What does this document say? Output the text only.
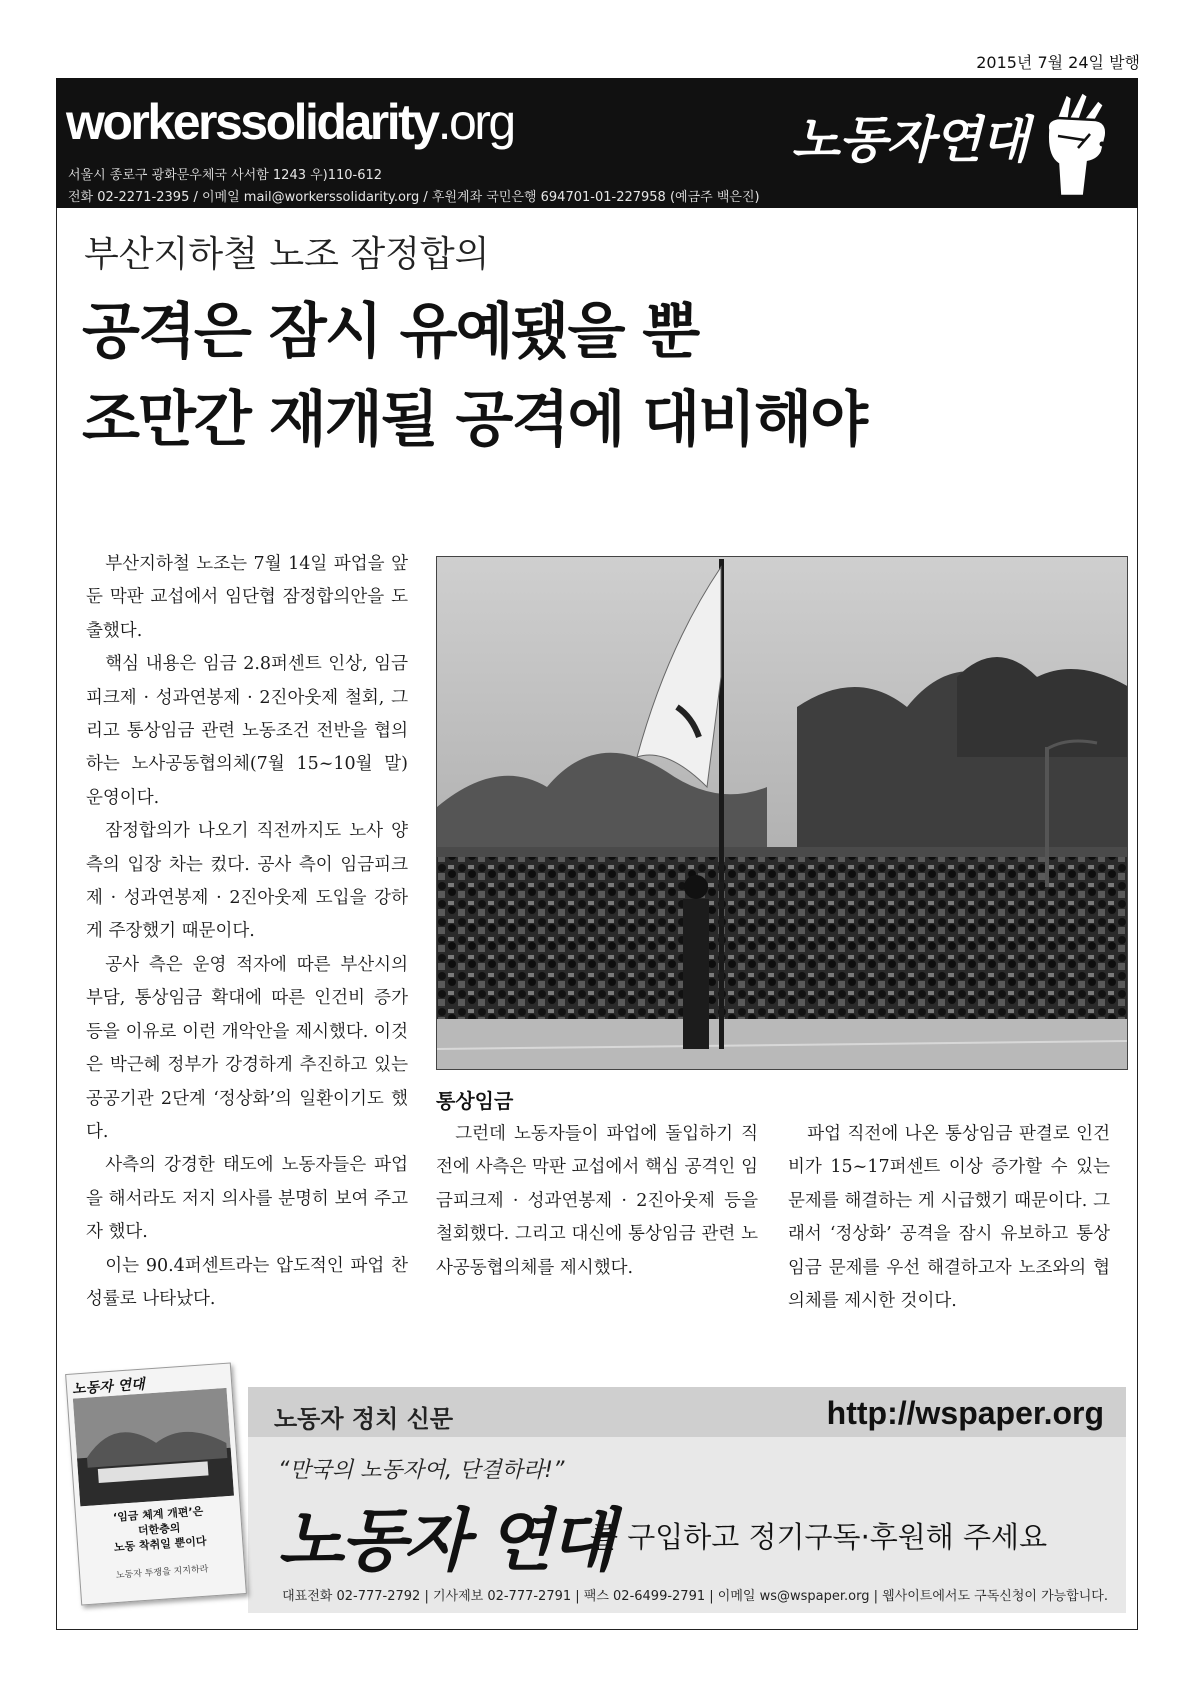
2015년 7월 24일 발행
workerssolidarity.org
서울시 종로구 광화문우체국 사서함 1243 우)110-612
전화 02-2271-2395 / 이메일 mail@workerssolidarity.org / 후원계좌 국민은행 694701-01-227958 (예금주 백은진)
노동자연대
부산지하철 노조 잠정합의
공격은 잠시 유예됐을 뿐
조만간 재개될 공격에 대비해야

부산지하철 노조는 7월 14일 파업을 앞둔 막판 교섭에서 임단협 잠정합의안을 도출했다.

핵심 내용은 임금 2.8퍼센트 인상, 임금피크제 · 성과연봉제 · 2진아웃제 철회, 그리고 통상임금 관련 노동조건 전반을 협의하는 노사공동협의체(7월 15~10월 말) 운영이다.

잠정합의가 나오기 직전까지도 노사 양측의 입장 차는 컸다. 공사 측이 임금피크제 · 성과연봉제 · 2진아웃제 도입을 강하게 주장했기 때문이다.

공사 측은 운영 적자에 따른 부산시의 부담, 통상임금 확대에 따른 인건비 증가 등을 이유로 이런 개악안을 제시했다. 이것은 박근혜 정부가 강경하게 추진하고 있는 공공기관 2단계 ‘정상화’의 일환이기도 했다.

사측의 강경한 태도에 노동자들은 파업을 해서라도 저지 의사를 분명히 보여 주고자 했다.

이는 90.4퍼센트라는 압도적인 파업 찬성률로 나타났다.

통상임금

그런데 노동자들이 파업에 돌입하기 직전에 사측은 막판 교섭에서 핵심 공격인 임금피크제 · 성과연봉제 · 2진아웃제 등을 철회했다. 그리고 대신에 통상임금 관련 노사공동협의체를 제시했다.

파업 직전에 나온 통상임금 판결로 인건비가 15~17퍼센트 이상 증가할 수 있는 문제를 해결하는 게 시급했기 때문이다. 그래서 ‘정상화’ 공격을 잠시 유보하고 통상임금 문제를 우선 해결하고자 노조와의 협의체를 제시한 것이다.

노동자 정치 신문	http://wspaper.org
“만국의 노동자여, 단결하라!”
노동자 연대
를 구입하고 정기구독·후원해 주세요
대표전화 02-777-2792 | 기사제보 02-777-2791 | 팩스 02-6499-2791 | 이메일 ws@wspaper.org | 웹사이트에서도 구독신청이 가능합니다.
노동자 연대
‘임금 체계 개편’은
더한층의
노동 착취일 뿐이다
노동자 투쟁을 지지하라
